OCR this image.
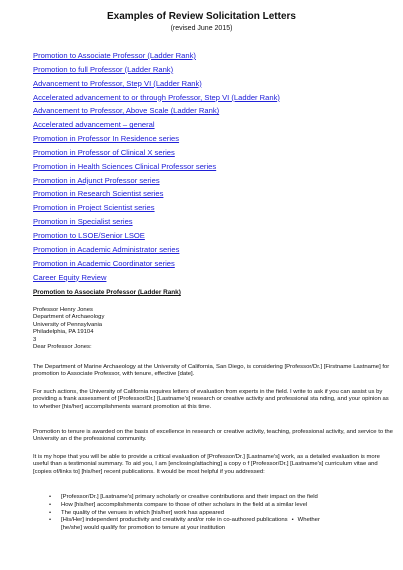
Examples of Review Solicitation Letters
(revised June 2015)
Promotion to Associate Professor (Ladder Rank)
Promotion to full Professor (Ladder Rank)
Advancement to Professor, Step VI (Ladder Rank)
Accelerated advancement to or through Professor, Step VI (Ladder Rank)
Advancement to Professor, Above Scale (Ladder Rank)
Accelerated advancement – general
Promotion in Professor In Residence series
Promotion in Professor of Clinical X series
Promotion in Health Sciences Clinical Professor series
Promotion in Adjunct Professor series
Promotion in Research Scientist series
Promotion in Project Scientist series
Promotion in Specialist series
Promotion to LSOE/Senior LSOE
Promotion in Academic Administrator series
Promotion in Academic Coordinator series
Career Equity Review
Promotion to Associate Professor (Ladder Rank)
Professor Henry Jones
Department of Archaeology
University of Pennsylvania
Philadelphia, PA 19104
3
Dear Professor Jones:

The Department of Marine Archaeology at the University of California, San Diego, is considering [Professor/Dr.] [Firstname Lastname] for promotion to Associate Professor, with tenure, effective [date].

For such actions, the University of California requires letters of evaluation from experts in the field. I write to ask if you can assist us by providing a frank assessment of [Professor/Dr.] [Lastname's] research or creative activity and professional sta nding, and your opinion as to whether [his/her] accomplishments warrant promotion at this time.

Promotion to tenure is awarded on the basis of excellence in research or creative activity, teaching, professional activity, and service to the University an d the professional community.

It is my hope that you will be able to provide a critical evaluation of [Professor/Dr.] [Lastname's] work, as a detailed evaluation is more useful than a testimonial summary. To aid you, I am [enclosing/attaching] a copy o f [Professor/Dr.] [Lastname's] curriculum vitae and [copies of/links to] [his/her] recent publications. It would be most helpful if you addressed:

• [Professor/Dr.] [Lastname's] primary scholarly or creative contributions and their impact on the field
• How [his/her] accomplishments compare to those of other scholars in the field at a similar level
• The quality of the venues in which [his/her] work has appeared
• [His/Her] independent productivity and creativity and/or role in co-authored publications • Whether
[he/she] would qualify for promotion to tenure at your institution
